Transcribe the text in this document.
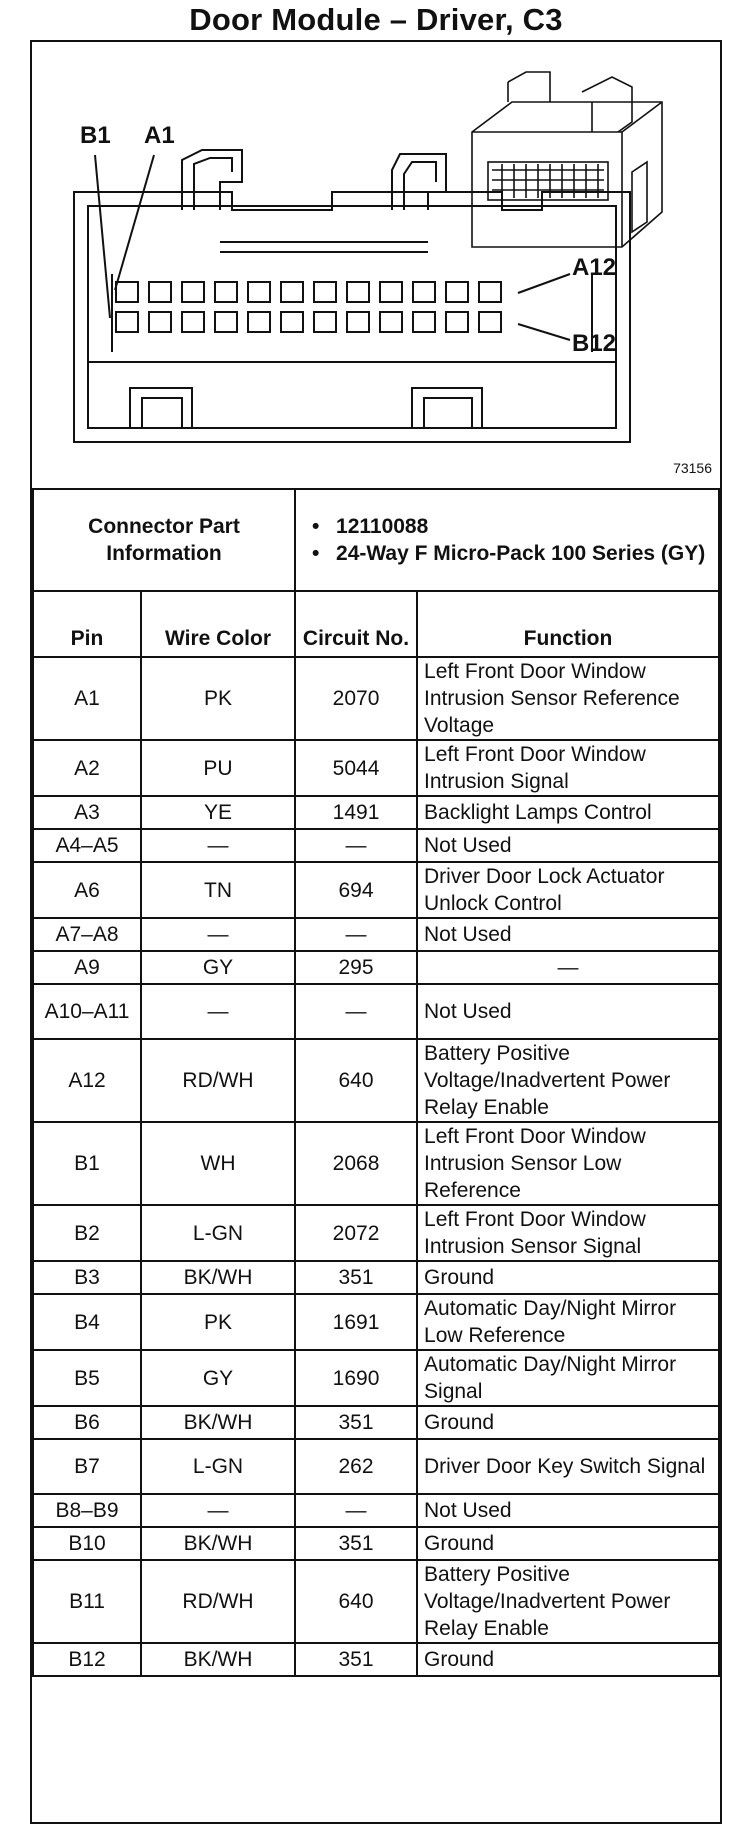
Door Module – Driver, C3
B1 A1
A12
B12
73156
Connector Part Information		• 12110088
• 24-Way F Micro-Pack 100 Series (GY)

Pin	Wire Color	Circuit No.	Function
A1	PK	2070	Left Front Door Window Intrusion Sensor Reference Voltage
A2	PU	5044	Left Front Door Window Intrusion Signal
A3	YE	1491	Backlight Lamps Control
A4–A5	—	—	Not Used
A6	TN	694	Driver Door Lock Actuator Unlock Control
A7–A8	—	—	Not Used
A9	GY	295	—
A10–A11	—	—	Not Used
A12	RD/WH	640	Battery Positive Voltage/Inadvertent Power Relay Enable
B1	WH	2068	Left Front Door Window Intrusion Sensor Low Reference
B2	L-GN	2072	Left Front Door Window Intrusion Sensor Signal
B3	BK/WH	351	Ground
B4	PK	1691	Automatic Day/Night Mirror Low Reference
B5	GY	1690	Automatic Day/Night Mirror Signal
B6	BK/WH	351	Ground
B7	L-GN	262	Driver Door Key Switch Signal
B8–B9	—	—	Not Used
B10	BK/WH	351	Ground
B11	RD/WH	640	Battery Positive Voltage/Inadvertent Power Relay Enable
B12	BK/WH	351	Ground
